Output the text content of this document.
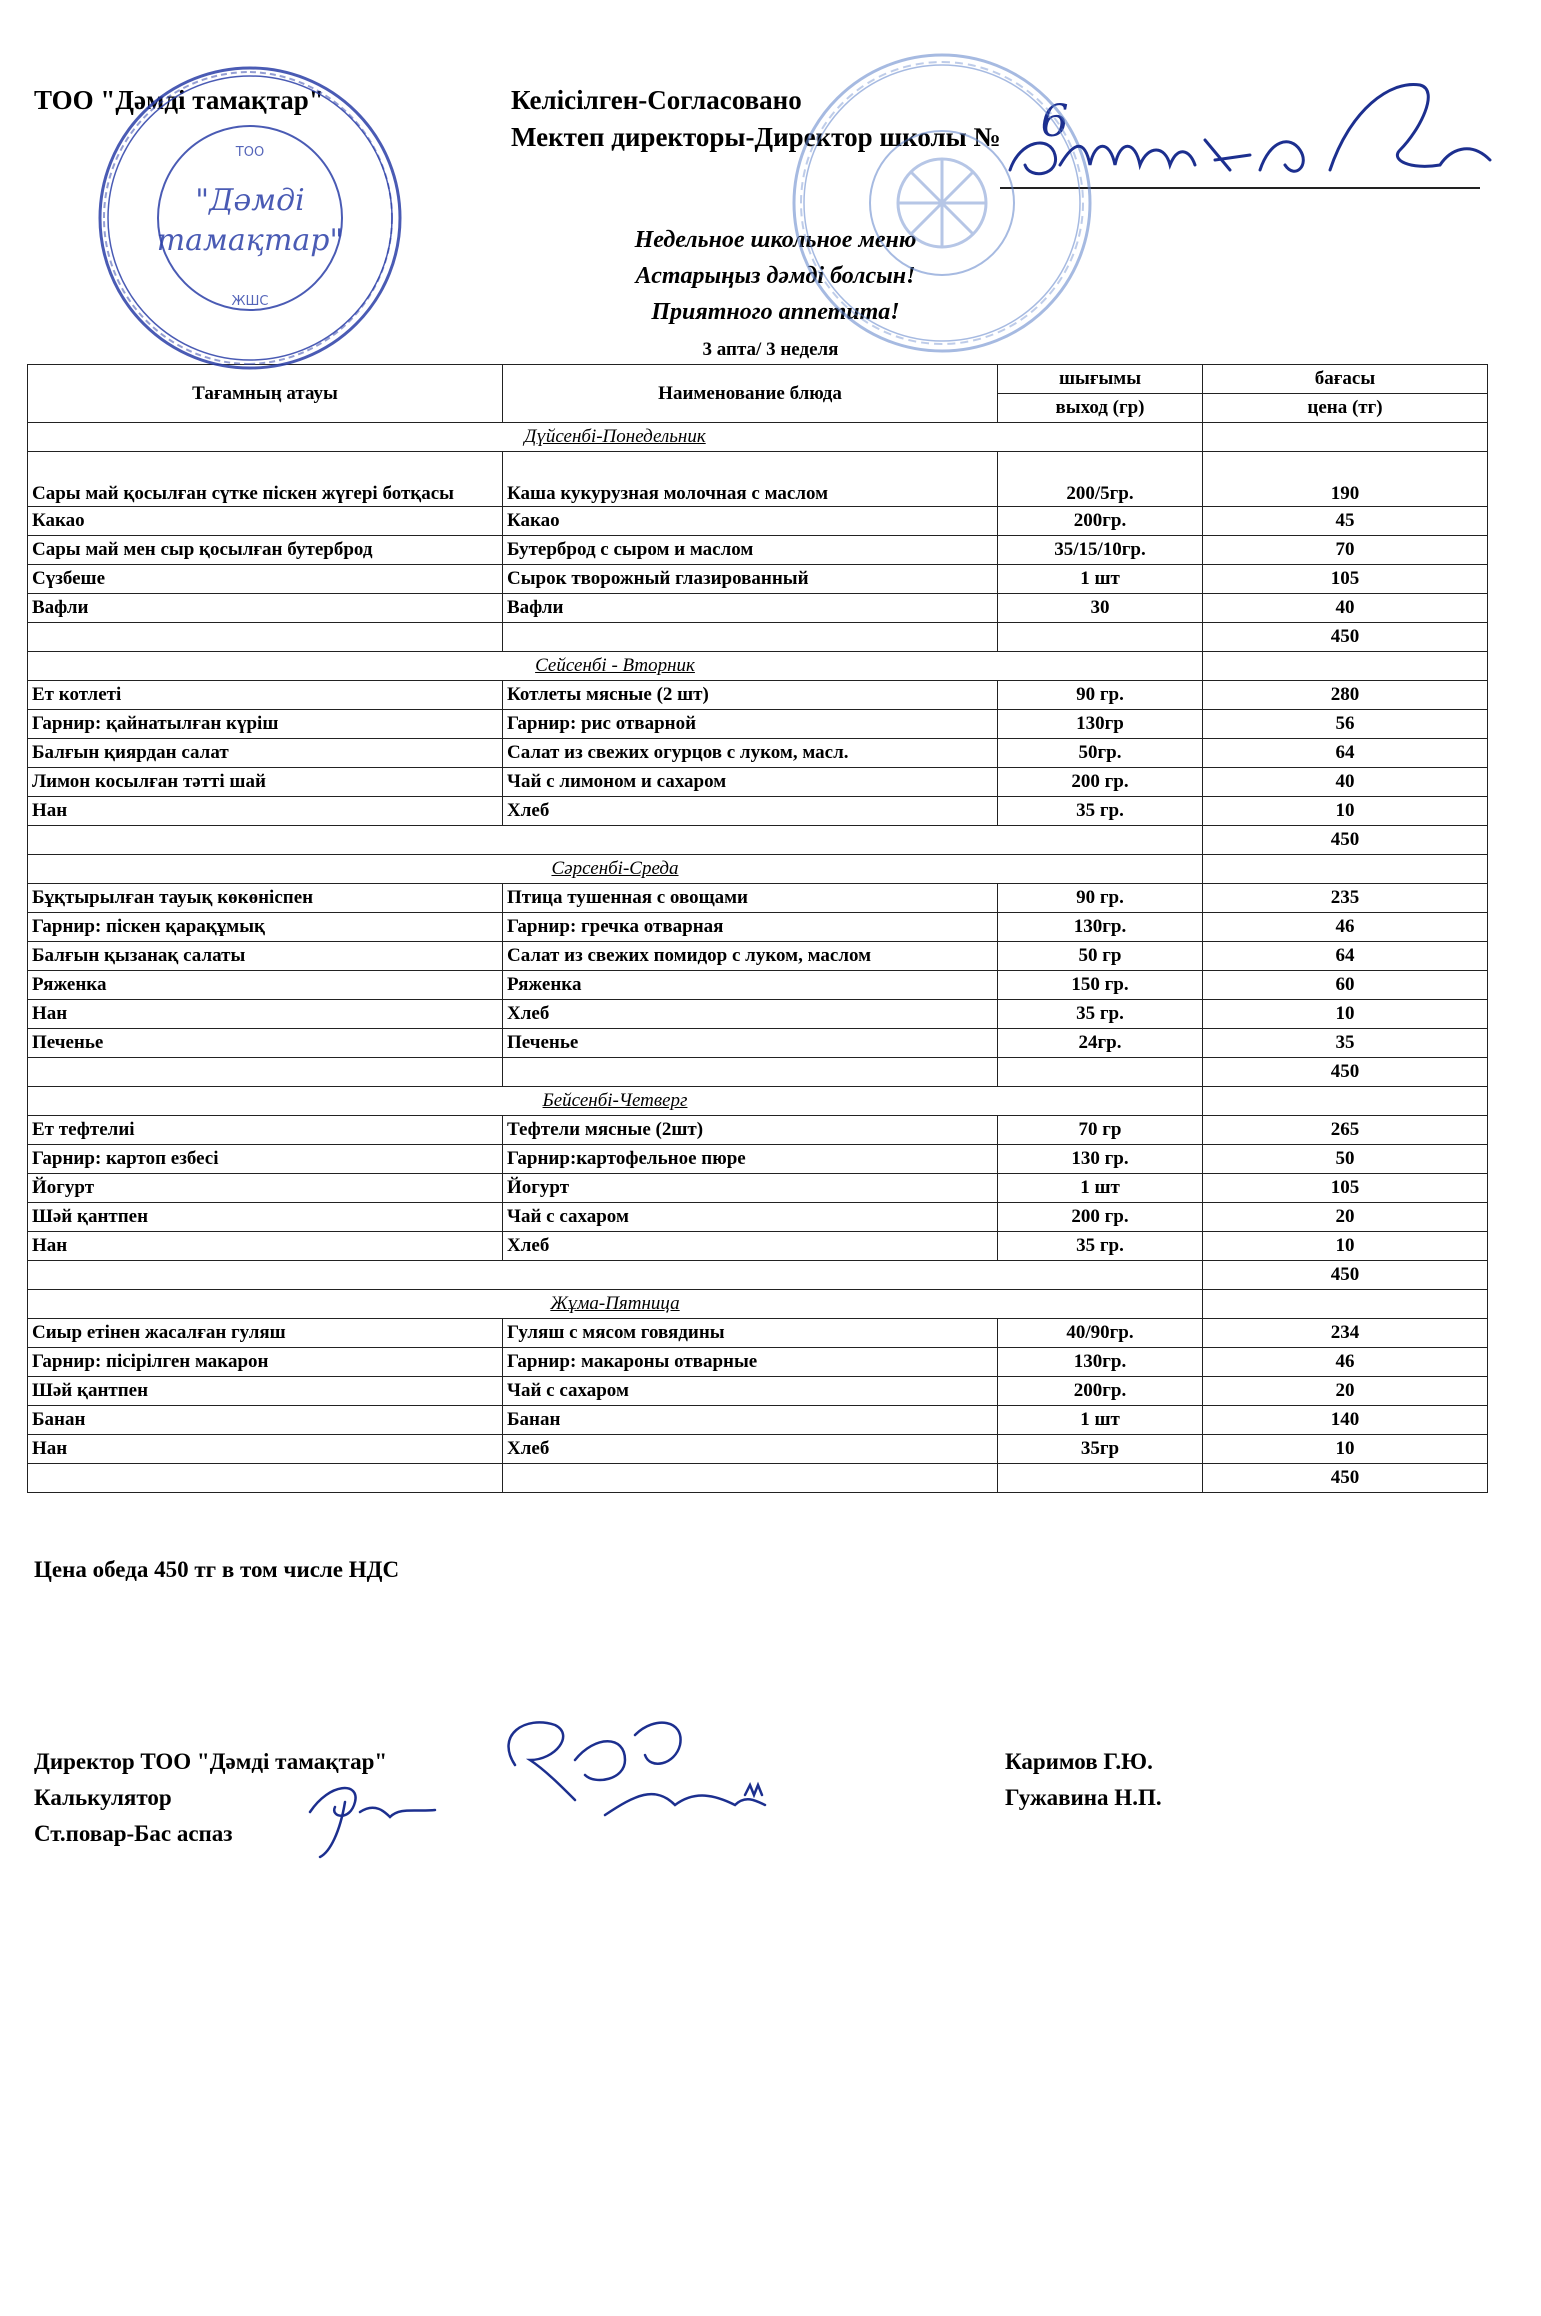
ТОО "Дәмді тамақтар"	Келісілген-Согласовано
Мектеп директоры-Директор школы № 6
Недельное школьное меню
Астарыңыз дәмді болсын!
Приятного аппетита!
3 апта/ 3 неделя
Тағамның атауы	Наименование блюда	шығымы	бағасы
		выход (гр)	цена (тг)
Дүйсенбі-Понедельник			
Сары май қосылған сүтке піскен жүгері ботқасы	Каша кукурузная молочная с маслом	200/5гр.	190
Какао	Какао	200гр.	45
Сары май мен сыр қосылған бутерброд	Бутерброд с сыром и маслом	35/15/10гр.	70
Сүзбеше	Сырок творожный глазированный	1 шт	105
Вафли	Вафли	30	40
			450
Сейсенбі - Вторник			
Ет котлеті	Котлеты мясные (2 шт)	90 гр.	280
Гарнир: қайнатылған күріш	Гарнир: рис отварной	130гр	56
Балғын қиярдан салат	Салат из свежих огурцов с луком, масл.	50гр.	64
Лимон косылған тәтті шай	Чай с лимоном и сахаром	200 гр.	40
Нан	Хлеб	35 гр.	10
			450
Сәрсенбі-Среда			
Бұқтырылған тауық көкөніспен	Птица тушенная с овощами	90 гр.	235
Гарнир: піскен қарақұмық	Гарнир: гречка отварная	130гр.	46
Балғын қызанақ салаты	Салат из свежих помидор с луком, маслом	50 гр	64
Ряженка	Ряженка	150 гр.	60
Нан	Хлеб	35 гр.	10
Печенье	Печенье	24гр.	35
			450
Бейсенбі-Четверг			
Ет тефтелиі	Тефтели мясные (2шт)	70 гр	265
Гарнир: картоп езбесі	Гарнир:картофельное пюре	130 гр.	50
Йогурт	Йогурт	1 шт	105
Шәй қантпен	Чай с сахаром	200 гр.	20
Нан	Хлеб	35 гр.	10
			450
Жұма-Пятница			
Сиыр етінен жасалған гуляш	Гуляш с мясом говядины	40/90гр.	234
Гарнир: пісірілген макарон	Гарнир: макароны отварные	130гр.	46
Шәй қантпен	Чай с сахаром	200гр.	20
Банан	Банан	1 шт	140
Нан	Хлеб	35гр	10
			450
Цена обеда 450 тг в том числе НДС
Директор ТОО "Дәмді тамақтар"
Калькулятор
Ст.повар-Бас аспаз
Каримов Г.Ю.
Гужавина Н.П.
ТОО
ЖШС
"Дәмді
тамақтар"
